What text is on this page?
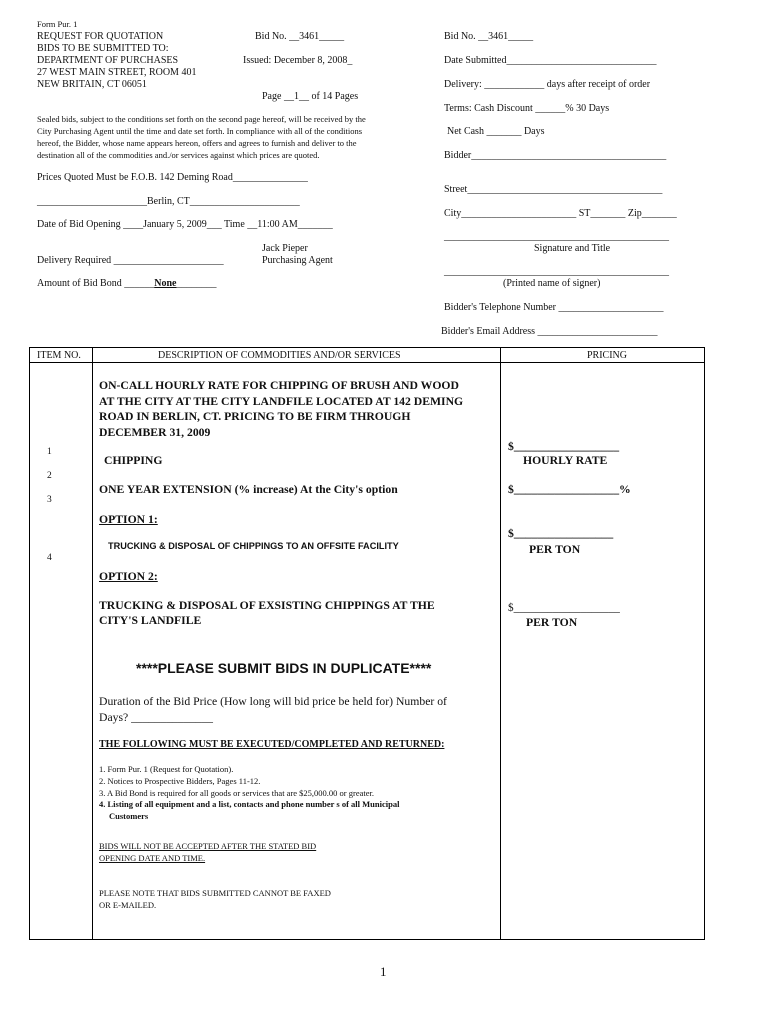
Form Pur. 1
REQUEST FOR QUOTATION
BIDS TO BE SUBMITTED TO:
DEPARTMENT OF PURCHASES
27 WEST MAIN STREET, ROOM 401
NEW BRITAIN, CT 06051
Bid No. __3461_____
Issued: December 8, 2008_
Page __1__ of 14 Pages
Sealed bids, subject to the conditions set forth on the second page hereof, will be received by the
City Purchasing Agent until the time and date set forth. In compliance with all of the conditions
hereof, the Bidder, whose name appears hereon, offers and agrees to furnish and deliver to the
destination all of the commodities and./or services against which prices are quoted.
Prices Quoted Must be F.O.B. 142 Deming Road_______________
______________________Berlin, CT______________________
Date of Bid Opening ____January 5, 2009___ Time __11:00 AM_______
Jack Pieper
Purchasing Agent
Delivery Required ______________________
Amount of Bid Bond ______None________
Bid No. __3461_____
Date Submitted______________________________
Delivery: ____________ days after receipt of order
Terms: Cash Discount ______% 30 Days
Net Cash _______ Days
Bidder_______________________________________
Street_______________________________________
City_______________________ ST_______ Zip_______
_____________________________________________
Signature and Title
_____________________________________________
(Printed name of signer)
Bidder's Telephone Number _____________________
Bidder's Email Address ________________________
ITEM NO.	DESCRIPTION OF COMMODITIES AND/OR SERVICES	PRICING
1
2
3
4
ON-CALL HOURLY RATE FOR CHIPPING OF BRUSH AND WOOD
AT THE CITY AT THE CITY LANDFILE LOCATED AT 142 DEMING
ROAD IN BERLIN, CT. PRICING TO BE FIRM THROUGH
DECEMBER 31, 2009
CHIPPING
ONE YEAR EXTENSION (% increase) At the City's option
OPTION 1:
TRUCKING & DISPOSAL OF CHIPPINGS TO AN OFFSITE FACILITY
OPTION 2:
TRUCKING & DISPOSAL OF EXSISTING CHIPPINGS AT THE
CITY'S LANDFILE
$__________________
HOURLY RATE
$__________________%
$_________________
PER TON
$___________________
PER TON
****PLEASE SUBMIT BIDS IN DUPLICATE****
Duration of the Bid Price (How long will bid price be held for) Number of
Days? ______________
THE FOLLOWING MUST BE EXECUTED/COMPLETED AND RETURNED:
1. Form Pur. 1 (Request for Quotation).
2. Notices to Prospective Bidders, Pages 11-12.
3. A Bid Bond is required for all goods or services that are $25,000.00 or greater.
4. Listing of all equipment and a list, contacts and phone number s of all Municipal
Customers
BIDS WILL NOT BE ACCEPTED AFTER THE STATED BID
OPENING DATE AND TIME.
PLEASE NOTE THAT BIDS SUBMITTED CANNOT BE FAXED
OR E-MAILED.
1
